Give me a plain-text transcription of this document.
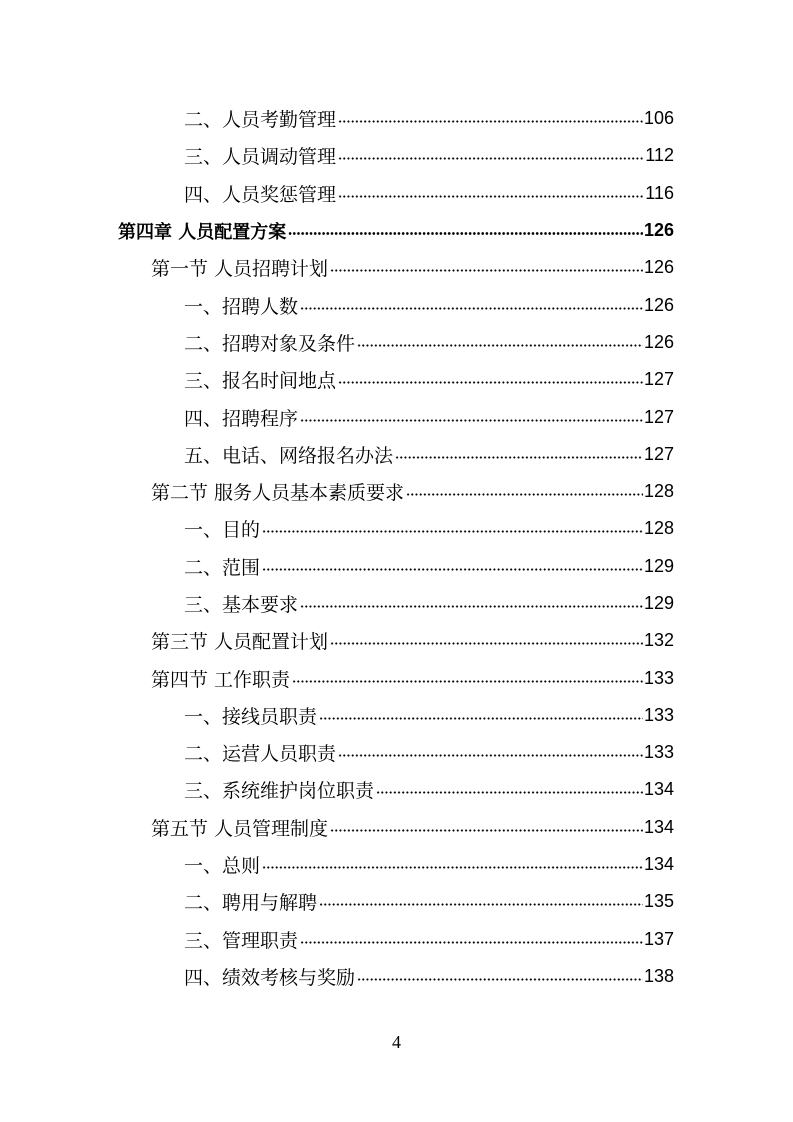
二、人员考勤管理	106
三、人员调动管理	112
四、人员奖惩管理	116
第四章 人员配置方案	126
第一节 人员招聘计划	126
一、招聘人数	126
二、招聘对象及条件	126
三、报名时间地点	127
四、招聘程序	127
五、电话、网络报名办法	127
第二节 服务人员基本素质要求	128
一、目的	128
二、范围	129
三、基本要求	129
第三节 人员配置计划	132
第四节 工作职责	133
一、接线员职责	133
二、运营人员职责	133
三、系统维护岗位职责	134
第五节 人员管理制度	134
一、总则	134
二、聘用与解聘	135
三、管理职责	137
四、绩效考核与奖励	138
4
